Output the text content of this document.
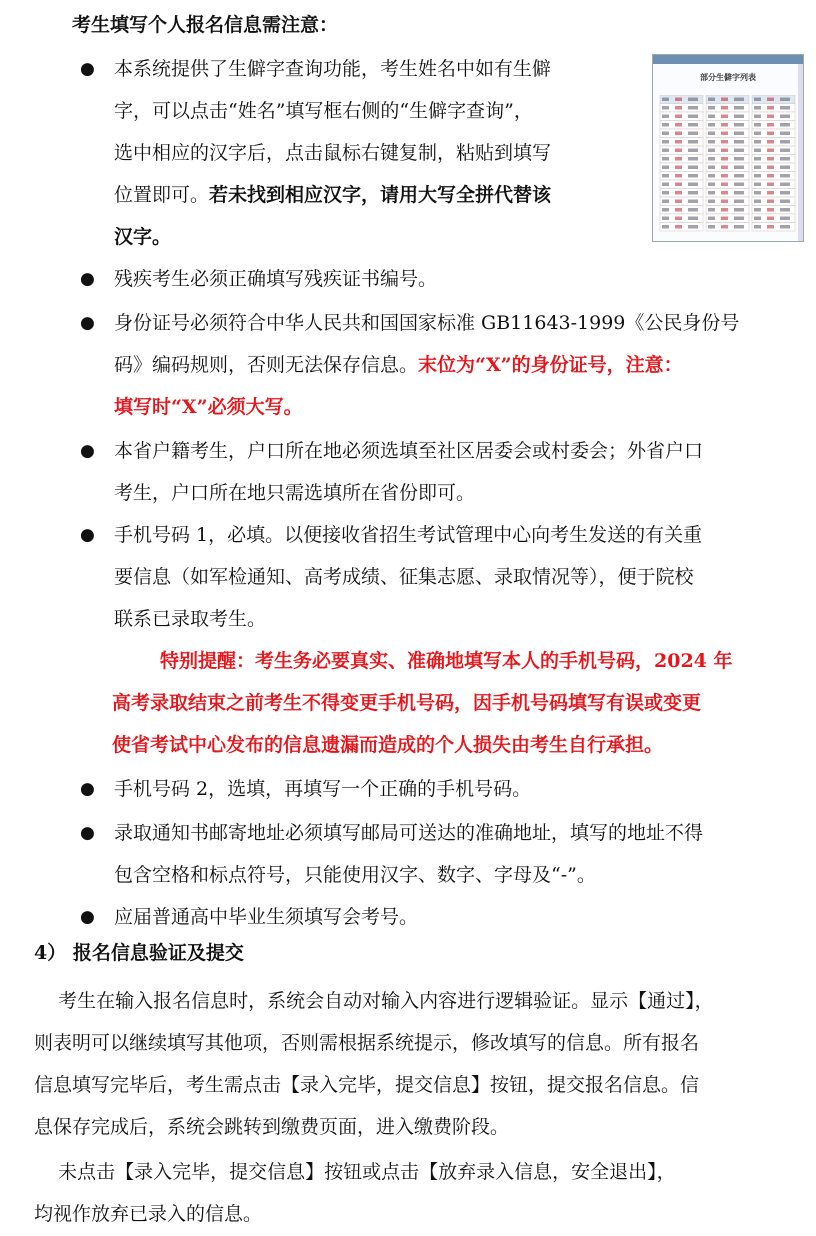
考生填写个人报名信息需注意：
部分生僻字列表
● 本系统提供了生僻字查询功能，考生姓名中如有生僻
字，可以点击“姓名”填写框右侧的“生僻字查询”，
选中相应的汉字后，点击鼠标右键复制，粘贴到填写
位置即可。若未找到相应汉字，请用大写全拼代替该
汉字。
● 残疾考生必须正确填写残疾证书编号。
● 身份证号必须符合中华人民共和国国家标准 GB11643-1999《公民身份号
码》编码规则，否则无法保存信息。末位为“X”的身份证号，注意：
填写时“X”必须大写。
● 本省户籍考生，户口所在地必须选填至社区居委会或村委会；外省户口
考生，户口所在地只需选填所在省份即可。
● 手机号码 1，必填。以便接收省招生考试管理中心向考生发送的有关重
要信息（如军检通知、高考成绩、征集志愿、录取情况等），便于院校
联系已录取考生。
特别提醒：考生务必要真实、准确地填写本人的手机号码，2024 年
高考录取结束之前考生不得变更手机号码，因手机号码填写有误或变更
使省考试中心发布的信息遗漏而造成的个人损失由考生自行承担。
● 手机号码 2，选填，再填写一个正确的手机号码。
● 录取通知书邮寄地址必须填写邮局可送达的准确地址，填写的地址不得
包含空格和标点符号，只能使用汉字、数字、字母及“-”。
● 应届普通高中毕业生须填写会考号。
4） 报名信息验证及提交
考生在输入报名信息时，系统会自动对输入内容进行逻辑验证。显示【通过】，
则表明可以继续填写其他项，否则需根据系统提示，修改填写的信息。所有报名
信息填写完毕后，考生需点击【录入完毕，提交信息】按钮，提交报名信息。信
息保存完成后，系统会跳转到缴费页面，进入缴费阶段。
未点击【录入完毕，提交信息】按钮或点击【放弃录入信息，安全退出】，
均视作放弃已录入的信息。
